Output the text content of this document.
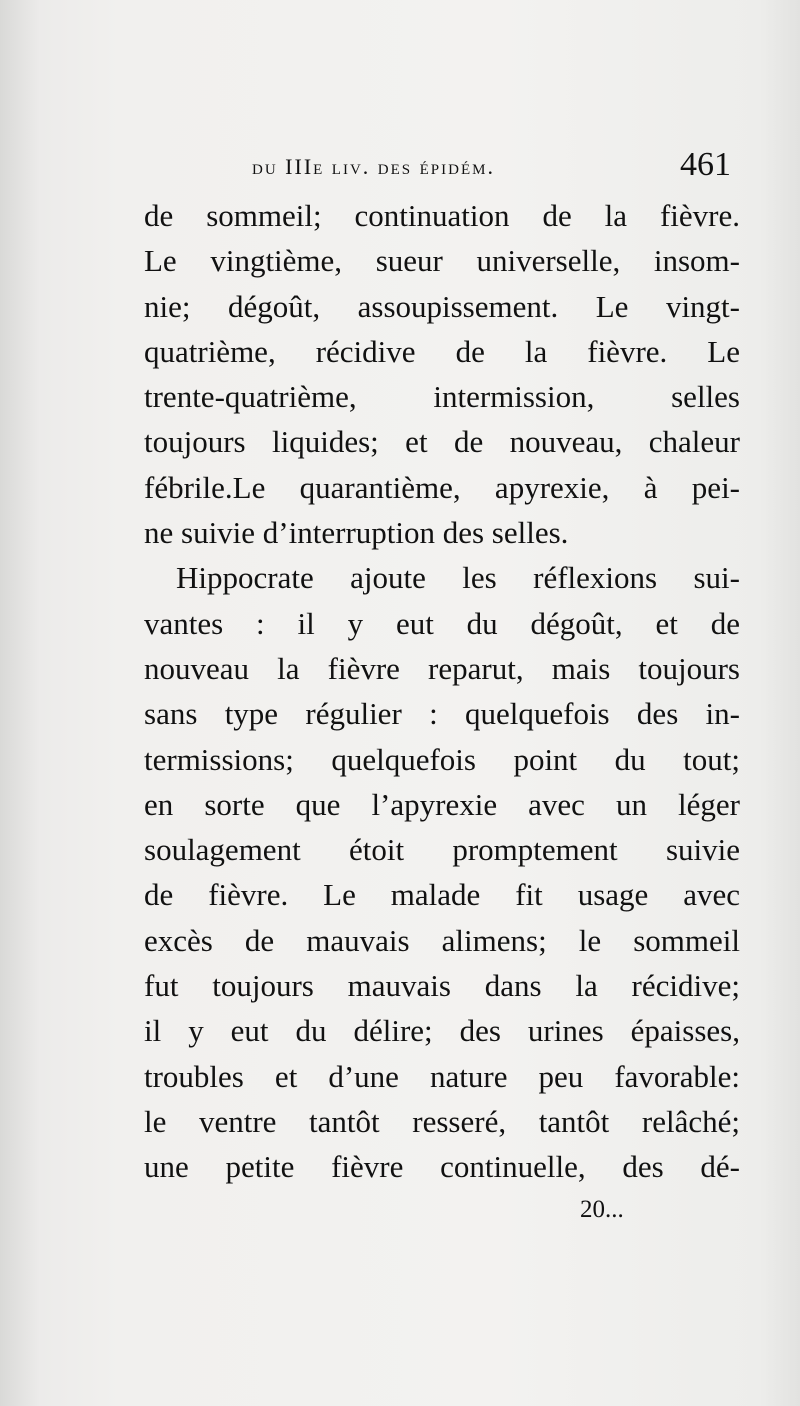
du IIIe liv. des épidém.	461
de sommeil; continuation de la fièvre.
Le vingtième, sueur universelle, insom-
nie; dégoût, assoupissement. Le vingt-
quatrième, récidive de la fièvre. Le
trente-quatrième, intermission, selles
toujours liquides; et de nouveau, chaleur
fébrile.Le quarantième, apyrexie, à pei-
ne suivie d’interruption des selles.
Hippocrate ajoute les réflexions sui-
vantes : il y eut du dégoût, et de
nouveau la fièvre reparut, mais toujours
sans type régulier : quelquefois des in-
termissions; quelquefois point du tout;
en sorte que l’apyrexie avec un léger
soulagement étoit promptement suivie
de fièvre. Le malade fit usage avec
excès de mauvais alimens; le sommeil
fut toujours mauvais dans la récidive;
il y eut du délire; des urines épaisses,
troubles et d’une nature peu favorable:
le ventre tantôt resseré, tantôt relâché;
une petite fièvre continuelle, des dé-
20...
